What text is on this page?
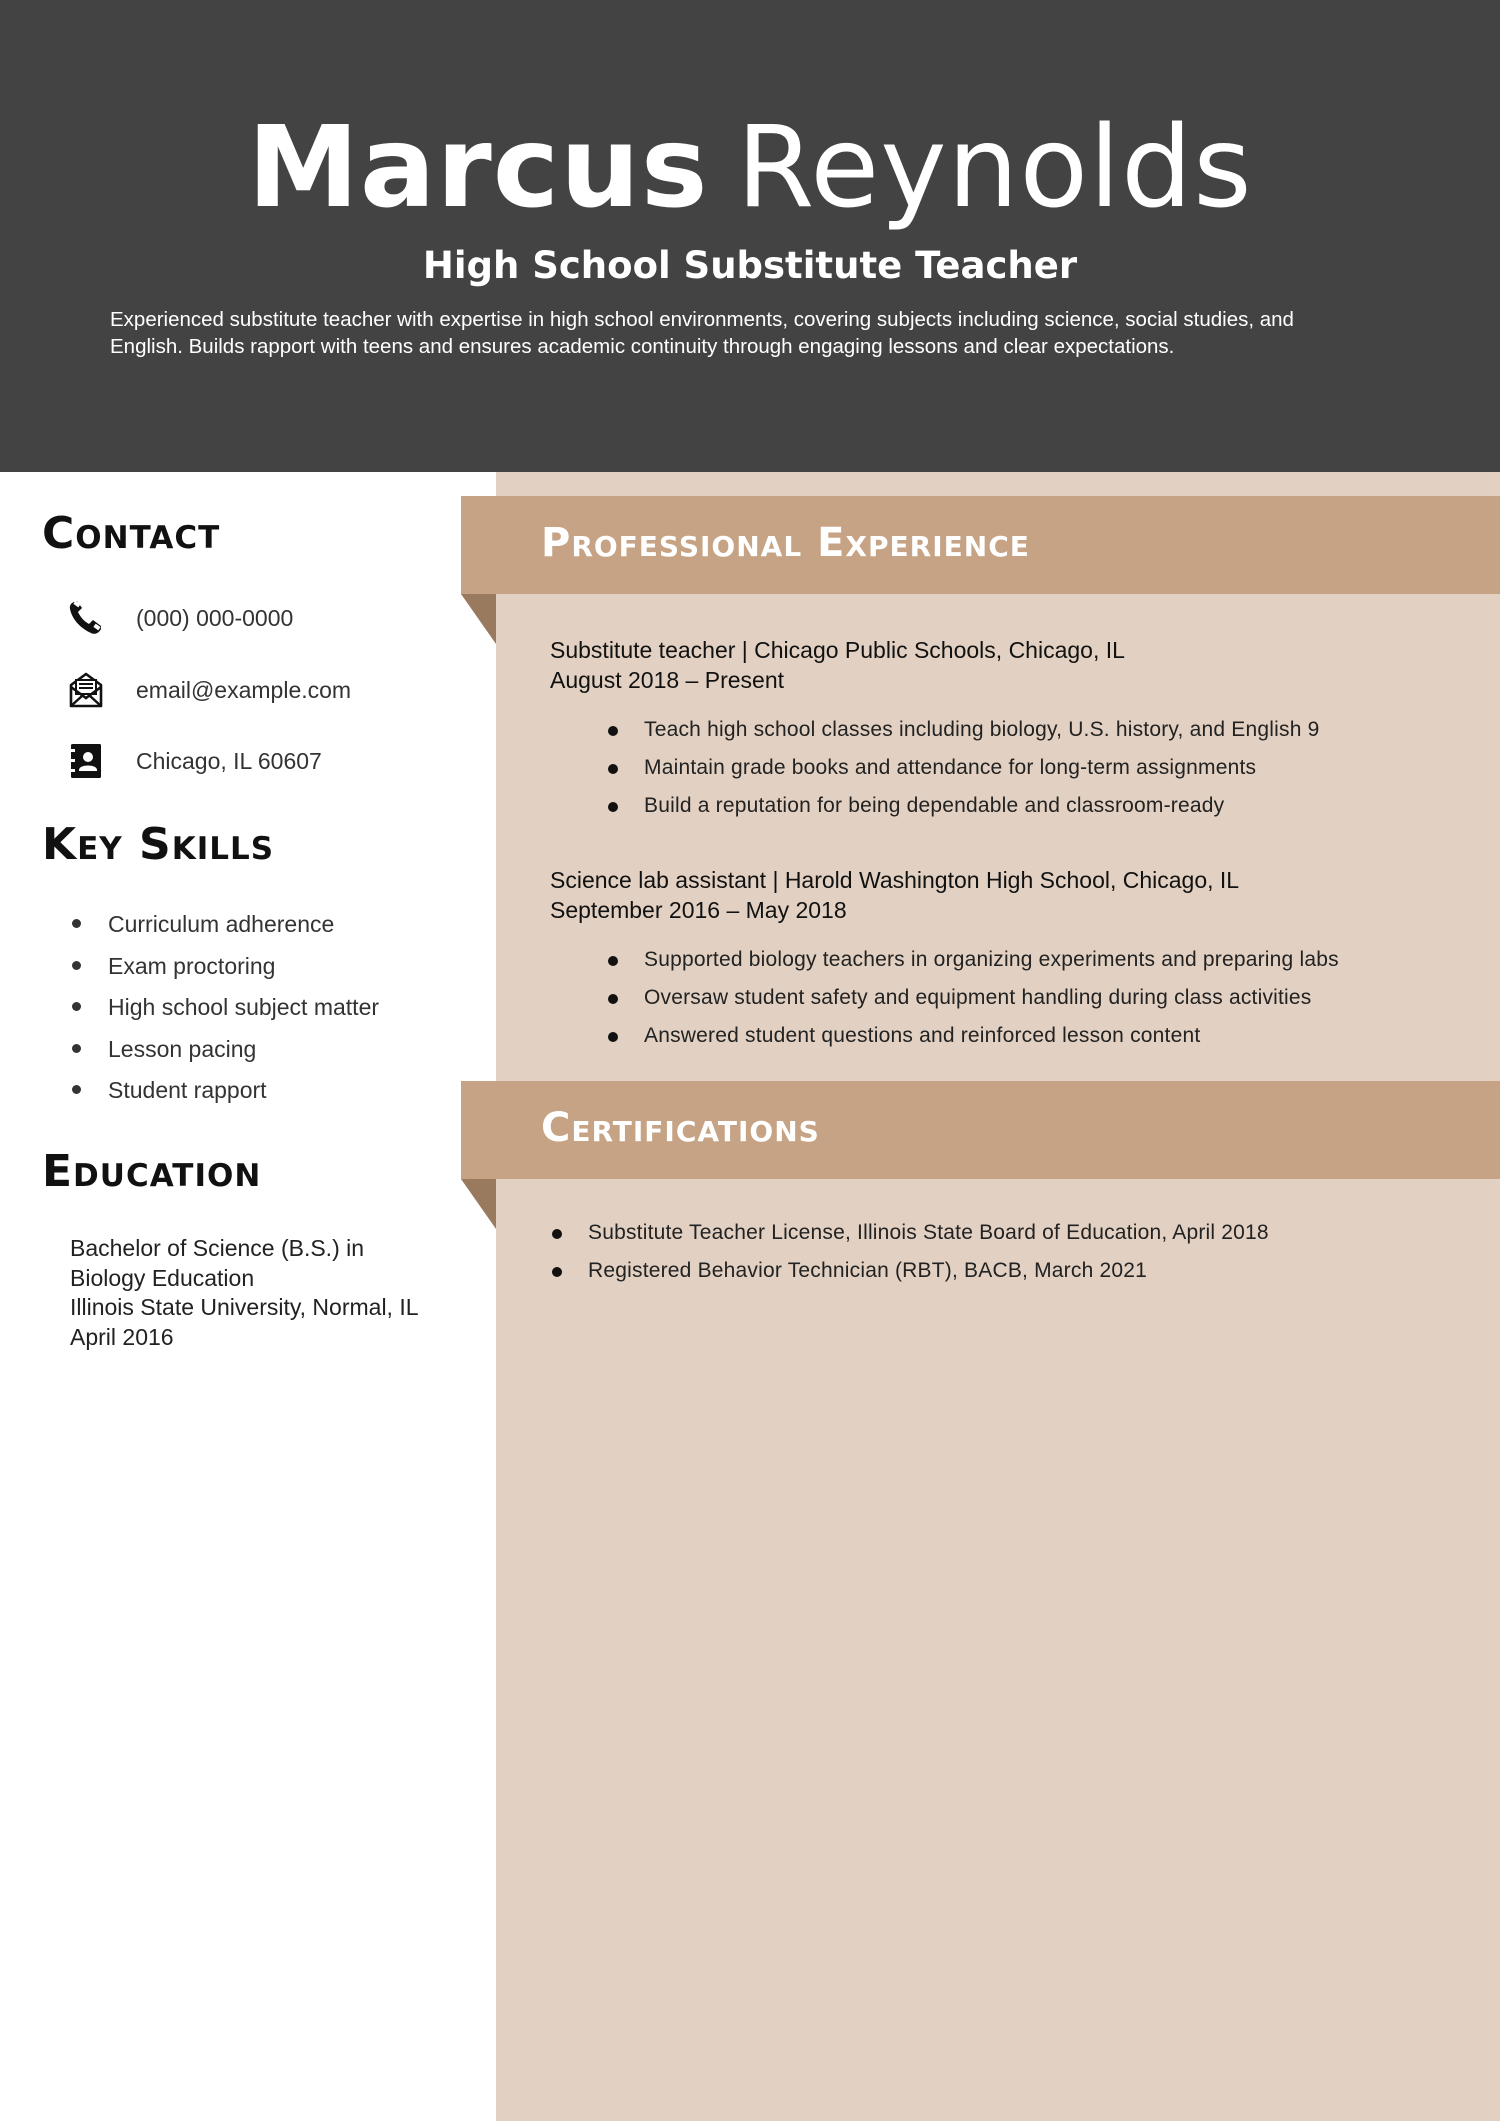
Marcus Reynolds
High School Substitute Teacher
Experienced substitute teacher with expertise in high school environments, covering subjects including science, social studies, and
English. Builds rapport with teens and ensures academic continuity through engaging lessons and clear expectations.
Contact
(000) 000-0000
email@example.com
Chicago, IL 60607
Key Skills
Curriculum adherence
Exam proctoring
High school subject matter
Lesson pacing
Student rapport
Education
Bachelor of Science (B.S.) in
Biology Education
Illinois State University, Normal, IL
April 2016
Professional Experience
Substitute teacher | Chicago Public Schools, Chicago, IL
August 2018 – Present
Teach high school classes including biology, U.S. history, and English 9
Maintain grade books and attendance for long-term assignments
Build a reputation for being dependable and classroom-ready
Science lab assistant | Harold Washington High School, Chicago, IL
September 2016 – May 2018
Supported biology teachers in organizing experiments and preparing labs
Oversaw student safety and equipment handling during class activities
Answered student questions and reinforced lesson content
Certifications
Substitute Teacher License, Illinois State Board of Education, April 2018
Registered Behavior Technician (RBT), BACB, March 2021
